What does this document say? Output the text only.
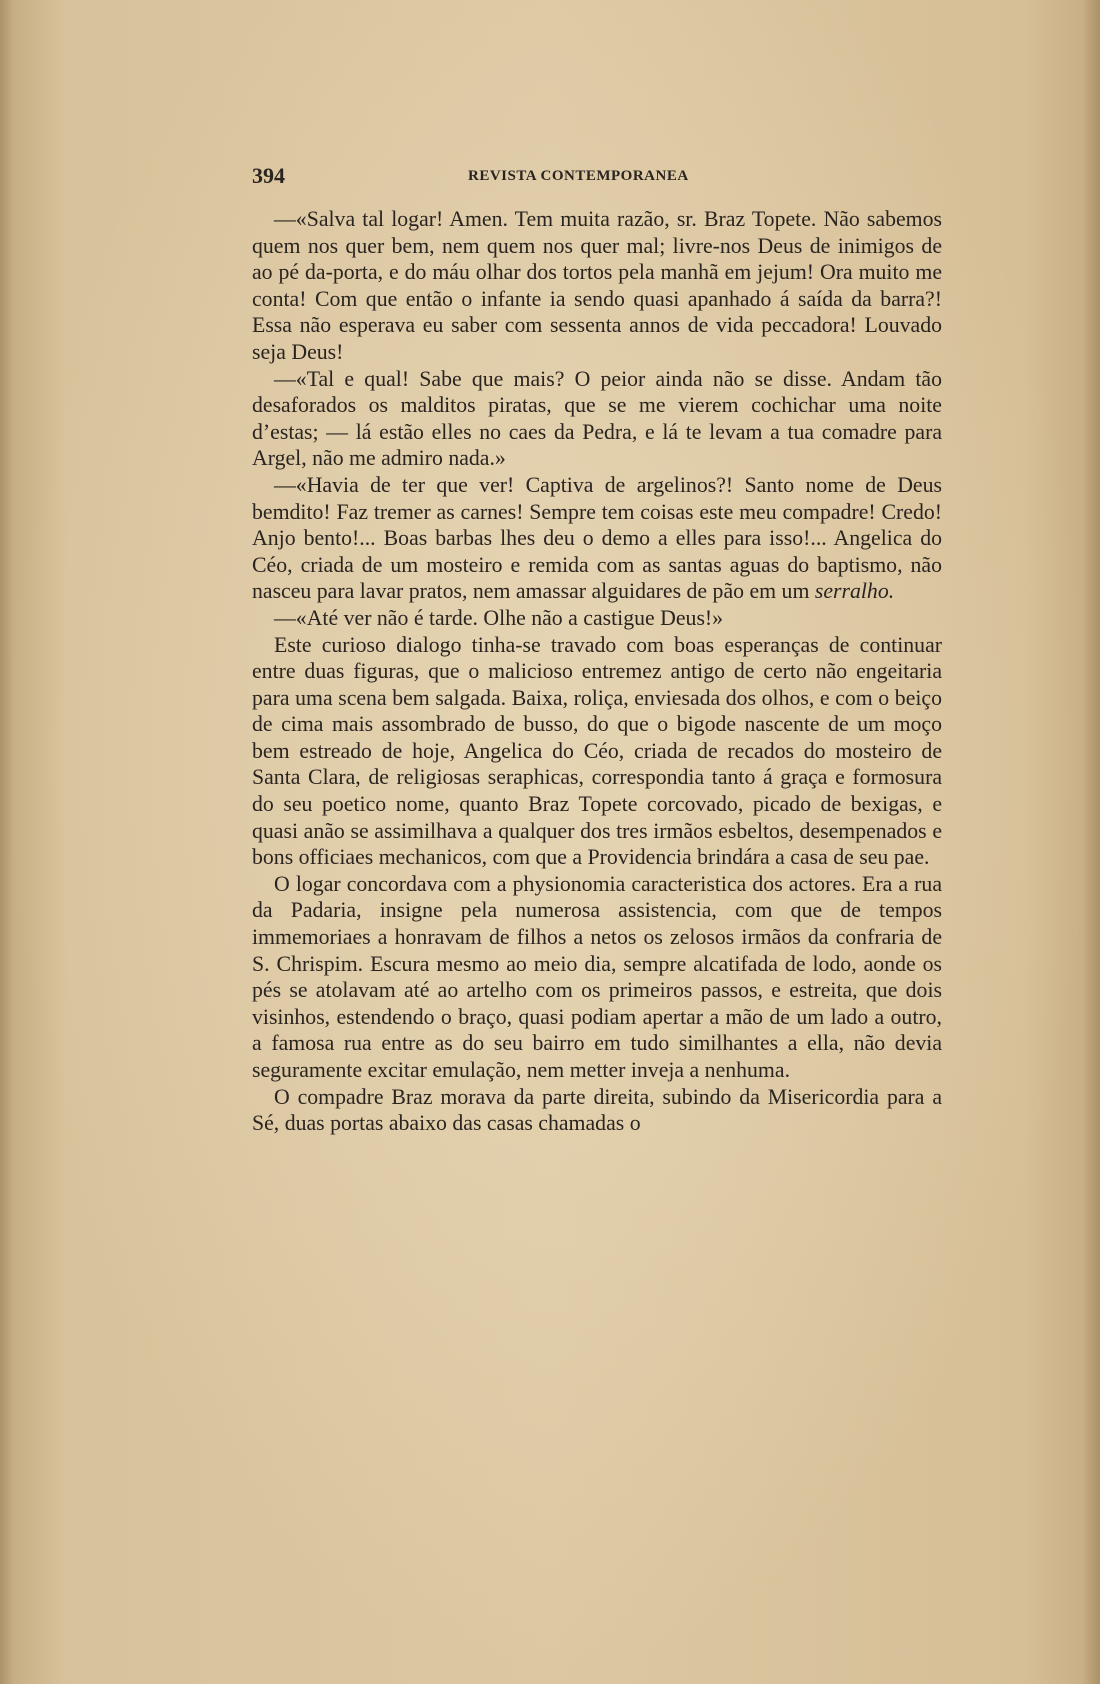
394	REVISTA CONTEMPORANEA

—«Salva tal logar! Amen. Tem muita razão, sr. Braz Topete. Não sabemos quem nos quer bem, nem quem nos quer mal; livre-nos Deus de inimigos de ao pé da-porta, e do máu olhar dos tortos pela manhã em jejum! Ora muito me conta! Com que então o infante ia sendo quasi apanhado á saída da barra?! Essa não esperava eu saber com sessenta annos de vida peccadora! Louvado seja Deus!

—«Tal e qual! Sabe que mais? O peior ainda não se disse. Andam tão desaforados os malditos piratas, que se me vierem cochichar uma noite d’estas; — lá estão elles no caes da Pedra, e lá te levam a tua comadre para Argel, não me admiro nada.»

—«Havia de ter que ver! Captiva de argelinos?! Santo nome de Deus bemdito! Faz tremer as carnes! Sempre tem coisas este meu compadre! Credo! Anjo bento!... Boas barbas lhes deu o demo a elles para isso!... Angelica do Céo, criada de um mosteiro e remida com as santas aguas do baptismo, não nasceu para lavar pratos, nem amassar alguidares de pão em um serralho.

—«Até ver não é tarde. Olhe não a castigue Deus!»

Este curioso dialogo tinha-se travado com boas esperanças de continuar entre duas figuras, que o malicioso entremez antigo de certo não engeitaria para uma scena bem salgada. Baixa, roliça, enviesada dos olhos, e com o beiço de cima mais assombrado de busso, do que o bigode nascente de um moço bem estreado de hoje, Angelica do Céo, criada de recados do mosteiro de Santa Clara, de religiosas seraphicas, correspondia tanto á graça e formosura do seu poetico nome, quanto Braz Topete corcovado, picado de bexigas, e quasi anão se assimilhava a qualquer dos tres irmãos esbeltos, desempenados e bons officiaes mechanicos, com que a Providencia brindára a casa de seu pae.

O logar concordava com a physionomia caracteristica dos actores. Era a rua da Padaria, insigne pela numerosa assistencia, com que de tempos immemoriaes a honravam de filhos a netos os zelosos irmãos da confraria de S. Chrispim. Escura mesmo ao meio dia, sempre alcatifada de lodo, aonde os pés se atolavam até ao artelho com os primeiros passos, e estreita, que dois visinhos, estendendo o braço, quasi podiam apertar a mão de um lado a outro, a famosa rua entre as do seu bairro em tudo similhantes a ella, não devia seguramente excitar emulação, nem metter inveja a nenhuma.

O compadre Braz morava da parte direita, subindo da Misericordia para a Sé, duas portas abaixo das casas chamadas o
